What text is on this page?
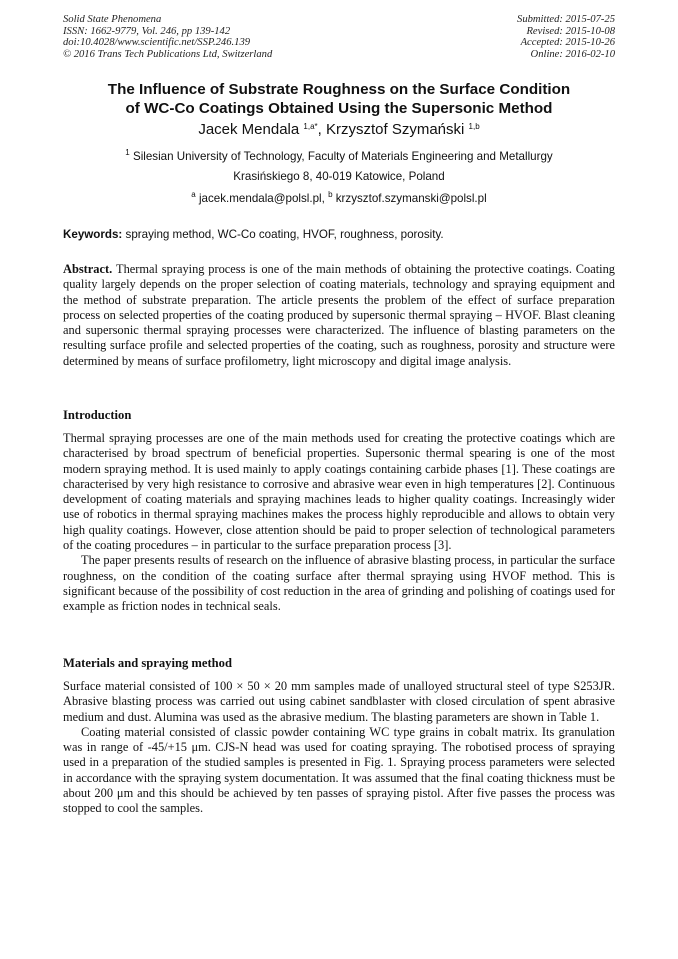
Solid State Phenomena
ISSN: 1662-9779, Vol. 246, pp 139-142
doi:10.4028/www.scientific.net/SSP.246.139
© 2016 Trans Tech Publications Ltd, Switzerland
Submitted: 2015-07-25
Revised: 2015-10-08
Accepted: 2015-10-26
Online: 2016-02-10
The Influence of Substrate Roughness on the Surface Condition
of WC-Co Coatings Obtained Using the Supersonic Method
Jacek Mendala $^{1,a*}$, Krzysztof Szymański $^{1,b}$
$^1$ Silesian University of Technology, Faculty of Materials Engineering and Metallurgy
Krasińskiego 8, 40-019 Katowice, Poland
$^a$ jacek.mendala@polsl.pl, $^b$ krzysztof.szymanski@polsl.pl
Keywords: spraying method, WC-Co coating, HVOF, roughness, porosity.

Abstract. Thermal spraying process is one of the main methods of obtaining the protective coatings. Coating quality largely depends on the proper selection of coating materials, technology and spraying equipment and the method of substrate preparation. The article presents the problem of the effect of surface preparation process on selected properties of the coating produced by supersonic thermal spraying – HVOF. Blast cleaning and supersonic thermal spraying processes were characterized. The influence of blasting parameters on the resulting surface profile and selected properties of the coating, such as roughness, porosity and structure were determined by means of surface profilometry, light microscopy and digital image analysis.

Introduction

Thermal spraying processes are one of the main methods used for creating the protective coatings which are characterised by broad spectrum of beneficial properties. Supersonic thermal spearing is one of the most modern spraying method. It is used mainly to apply coatings containing carbide phases [1]. These coatings are characterised by very high resistance to corrosive and abrasive wear even in high temperatures [2]. Continuous development of coating materials and spraying machines leads to higher quality coatings. Increasingly wider use of robotics in thermal spraying machines makes the process highly reproducible and allows to obtain very high quality coatings. However, close attention should be paid to proper selection of technological parameters of the coating procedures – in particular to the surface preparation process [3].

The paper presents results of research on the influence of abrasive blasting process, in particular the surface roughness, on the condition of the coating surface after thermal spraying using HVOF method. This is significant because of the possibility of cost reduction in the area of grinding and polishing of coatings used for example as friction nodes in technical seals.

Materials and spraying method

Surface material consisted of 100 × 50 × 20 mm samples made of unalloyed structural steel of type S253JR. Abrasive blasting process was carried out using cabinet sandblaster with closed circulation of spent abrasive medium and dust. Alumina was used as the abrasive medium. The blasting parameters are shown in Table 1.

Coating material consisted of classic powder containing WC type grains in cobalt matrix. Its granulation was in range of -45/+15 μm. CJS-N head was used for coating spraying. The robotised process of spraying used in a preparation of the studied samples is presented in Fig. 1. Spraying process parameters were selected in accordance with the spraying system documentation. It was assumed that the final coating thickness must be about 200 μm and this should be achieved by ten passes of spraying pistol. After five passes the process was stopped to cool the samples.
